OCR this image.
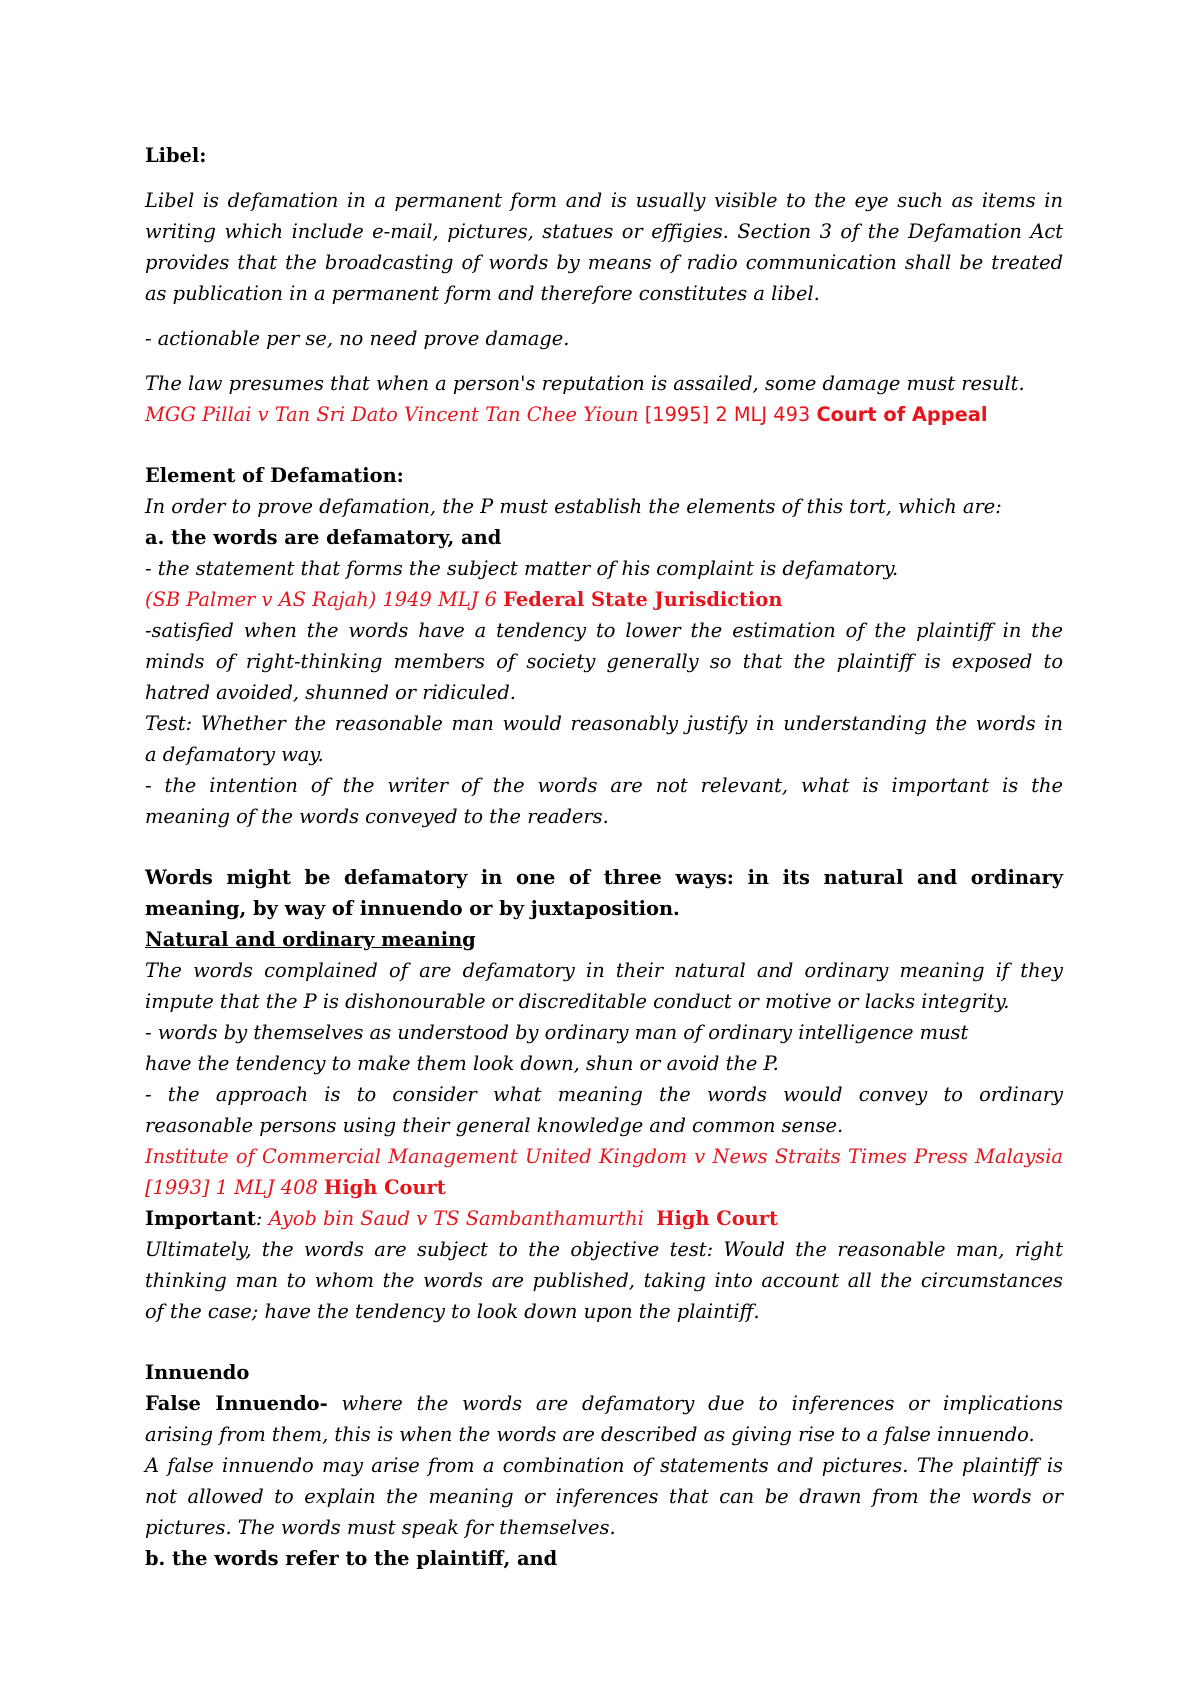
Libel:

Libel is defamation in a permanent form and is usually visible to the eye such as items in

writing which include e-mail, pictures, statues or effigies. Section 3 of the Defamation Act

provides that the broadcasting of words by means of radio communication shall be treated

as publication in a permanent form and therefore constitutes a libel.

- actionable per se, no need prove damage.

The law presumes that when a person's reputation is assailed, some damage must result.

MGG Pillai v Tan Sri Dato Vincent Tan Chee Yioun [1995] 2 MLJ 493 Court of Appeal

Element of Defamation:

In order to prove defamation, the P must establish the elements of this tort, which are:

a. the words are defamatory, and

- the statement that forms the subject matter of his complaint is defamatory.

(SB Palmer v AS Rajah) 1949 MLJ 6 Federal State Jurisdiction

-satisfied when the words have a tendency to lower the estimation of the plaintiff in the

minds of right-thinking members of society generally so that the plaintiff is exposed to

hatred avoided, shunned or ridiculed.

Test: Whether the reasonable man would reasonably justify in understanding the words in

a defamatory way.

- the intention of the writer of the words are not relevant, what is important is the

meaning of the words conveyed to the readers.

Words might be defamatory in one of three ways: in its natural and ordinary

meaning, by way of innuendo or by juxtaposition.

Natural and ordinary meaning

The words complained of are defamatory in their natural and ordinary meaning if they

impute that the P is dishonourable or discreditable conduct or motive or lacks integrity.

- words by themselves as understood by ordinary man of ordinary intelligence must

have the tendency to make them look down, shun or avoid the P.

- the approach is to consider what meaning the words would convey to ordinary

reasonable persons using their general knowledge and common sense.

Institute of Commercial Management United Kingdom v News Straits Times Press Malaysia

[1993] 1 MLJ 408 High Court

Important: Ayob bin Saud v TS Sambanthamurthi High Court

Ultimately, the words are subject to the objective test: Would the reasonable man, right

thinking man to whom the words are published, taking into account all the circumstances

of the case; have the tendency to look down upon the plaintiff.

Innuendo

False Innuendo- where the words are defamatory due to inferences or implications

arising from them, this is when the words are described as giving rise to a false innuendo.

A false innuendo may arise from a combination of statements and pictures. The plaintiff is

not allowed to explain the meaning or inferences that can be drawn from the words or

pictures. The words must speak for themselves.

b. the words refer to the plaintiff, and
